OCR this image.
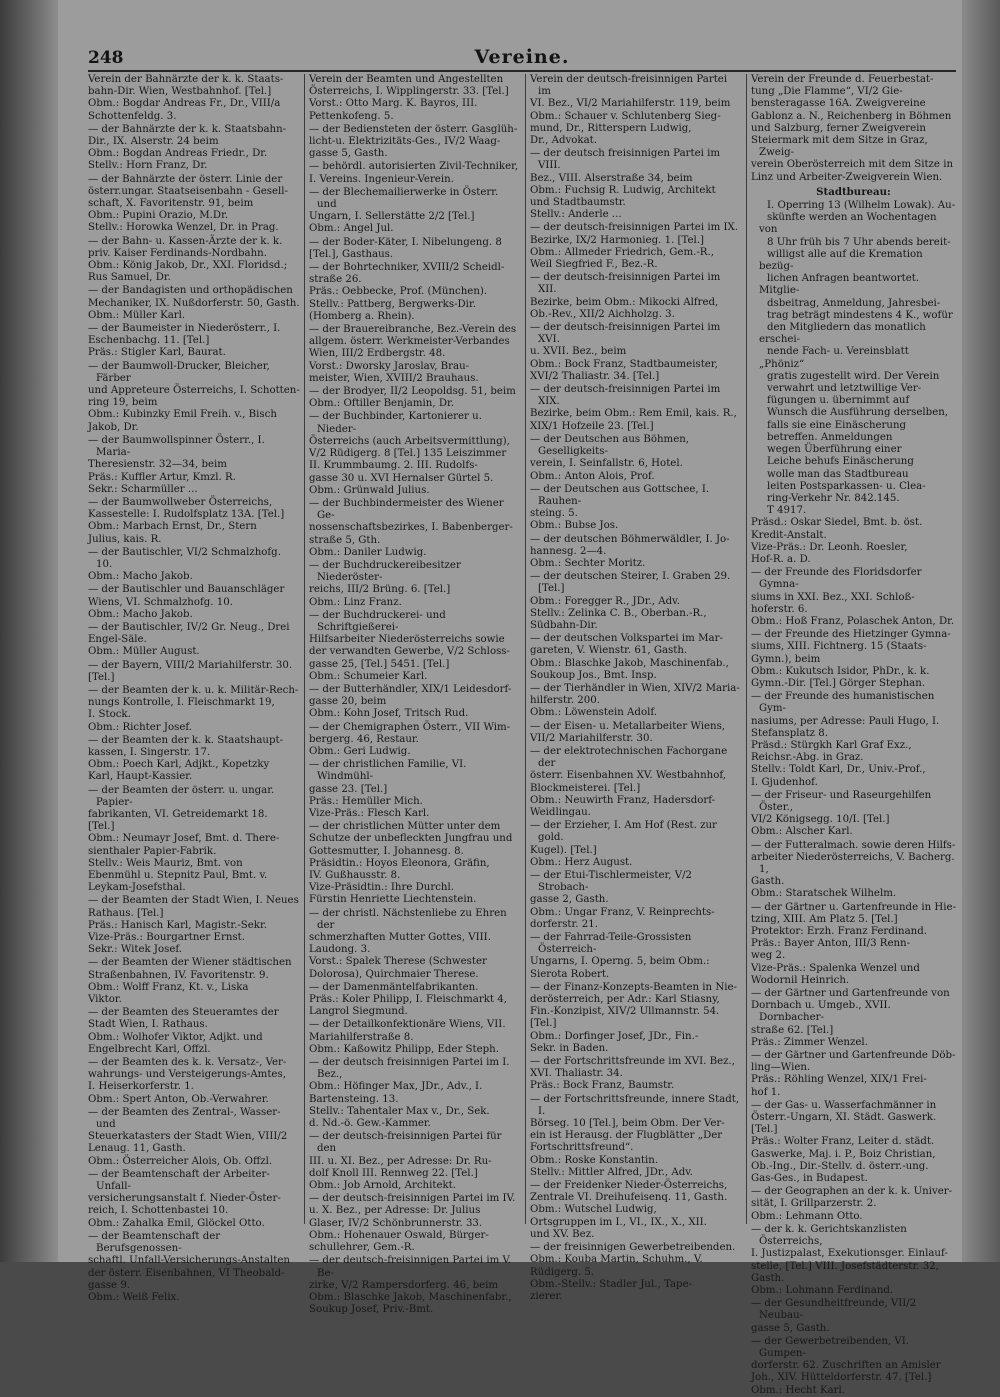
248	Vereine.
Verein der Bahnärzte der k. k. Staats-
bahn-Dir. Wien, Westbahnhof. [Tel.]
Obm.: Bogdar Andreas Fr., Dr., VIII/a
Schottenfeldg. 3.
— der Bahnärzte der k. k. Staatsbahn-
Dir., IX. Alserstr. 24 beim
Obm.: Bogdan Andreas Friedr., Dr.
Stellv.: Horn Franz, Dr.
— der Bahnärzte der österr. Linie der
österr.ungar. Staatseisenbahn - Gesell-
schaft, X. Favoritenstr. 91, beim
Obm.: Pupini Orazio, M.Dr.
Stellv.: Horowka Wenzel, Dr. in Prag.
— der Bahn- u. Kassen-Ärzte der k. k.
priv. Kaiser Ferdinands-Nordbahn.
Obm.: König Jakob, Dr., XXI. Floridsd.;
Rus Samuel, Dr.
— der Bandagisten und orthopädischen
Mechaniker, IX. Nußdorferstr. 50, Gasth.
Obm.: Müller Karl.
— der Baumeister in Niederösterr., I.
Eschenbachg. 11. [Tel.]
Präs.: Stigler Karl, Baurat.
— der Baumwoll-Drucker, Bleicher, Färber
und Appreteure Österreichs, I. Schotten-
ring 19, beim
Obm.: Kubinzky Emil Freih. v., Bisch
Jakob, Dr.
— der Baumwollspinner Österr., I. Maria-
Theresienstr. 32—34, beim
Präs.: Kuffler Artur, Kmzl. R.
Sekr.: Scharmüller ...
— der Baumwollweber Österreichs,
Kassestelle: I. Rudolfsplatz 13A. [Tel.]
Obm.: Marbach Ernst, Dr., Stern
Julius, kais. R.
— der Bautischler, VI/2 Schmalzhofg. 10.
Obm.: Macho Jakob.
— der Bautischler und Bauanschläger
Wiens, VI. Schmalzhofg. 10.
Obm.: Macho Jakob.
— der Bautischler, IV/2 Gr. Neug., Drei
Engel-Säle.
Obm.: Müller August.
— der Bayern, VIII/2 Mariahilferstr. 30.
[Tel.]
— der Beamten der k. u. k. Militär-Rech-
nungs Kontrolle, I. Fleischmarkt 19,
I. Stock.
Obm.: Richter Josef.
— der Beamten der k. k. Staatshaupt-
kassen, I. Singerstr. 17.
Obm.: Poech Karl, Adjkt., Kopetzky
Karl, Haupt-Kassier.
— der Beamten der österr. u. ungar. Papier-
fabrikanten, VI. Getreidemarkt 18.
[Tel.]
Obm.: Neumayr Josef, Bmt. d. There-
sienthaler Papier-Fabrik.
Stellv.: Weis Mauriz, Bmt. von
Ebenmühl u. Stepnitz Paul, Bmt. v.
Leykam-Josefsthal.
— der Beamten der Stadt Wien, I. Neues
Rathaus. [Tel.]
Präs.: Hanisch Karl, Magistr.-Sekr.
Vize-Präs.: Bourgartner Ernst.
Sekr.: Witek Josef.
— der Beamten der Wiener städtischen
Straßenbahnen, IV. Favoritenstr. 9.
Obm.: Wolff Franz, Kt. v., Liska
Viktor.
— der Beamten des Steueramtes der
Stadt Wien, I. Rathaus.
Obm.: Wolhofer Viktor, Adjkt. und
Engelbrecht Karl, Offzl.
— der Beamten des k. k. Versatz-, Ver-
wahrungs- und Versteigerungs-Amtes,
I. Heiserkorferstr. 1.
Obm.: Spert Anton, Ob.-Verwahrer.
— der Beamten des Zentral-, Wasser- und
Steuerkatasters der Stadt Wien, VIII/2
Lenaug. 11, Gasth.
Obm.: Österreicher Alois, Ob. Offzl.
— der Beamtenschaft der Arbeiter-Unfall-
versicherungsanstalt f. Nieder-Öster-
reich, I. Schottenbastei 10.
Obm.: Zahalka Emil, Glöckel Otto.
— der Beamtenschaft der Berufsgenossen-
schaftl. Unfall-Versicherungs-Anstalten
der österr. Eisenbahnen, VI Theobald-
gasse 9.
Obm.: Weiß Felix.
Verein der Beamten und Angestellten
Österreichs, I. Wipplingerstr. 33. [Tel.]
Vorst.: Otto Marg. K. Bayros, III.
Pettenkofeng. 5.
— der Bediensteten der österr. Gasglüh-
licht-u. Elektrizitäts-Ges., IV/2 Waag-
gasse 5, Gasth.
— behördl. autorisierten Zivil-Techniker,
I. Vereins. Ingenieur-Verein.
— der Blechemailierwerke in Österr. und
Ungarn, I. Sellerstätte 2/2 [Tel.]
Obm.: Angel Jul.
— der Boder-Käter, I. Nibelungeng. 8
[Tel.], Gasthaus.
— der Bohrtechniker, XVIII/2 Scheidl-
straße 26.
Präs.: Oebbecke, Prof. (München).
Stellv.: Pattberg, Bergwerks-Dir.
(Homberg a. Rhein).
— der Brauereibranche, Bez.-Verein des
allgem. österr. Werkmeister-Verbandes
Wien, III/2 Erdbergstr. 48.
Vorst.: Dworsky Jaroslav, Brau-
meister, Wien, XVIII/2 Brauhaus.
— der Brodyer, II/2 Leopoldsg. 51, beim
Obm.: Oftiller Benjamin, Dr.
— der Buchbinder, Kartonierer u. Nieder-
Österreichs (auch Arbeitsvermittlung),
V/2 Rüdigerg. 8 [Tel.] 135 Leiszimmer
II. Krummbaumg. 2. III. Rudolfs-
gasse 30 u. XVI Hernalser Gürtel 5.
Obm.: Grünwald Julius.
— der Buchbindermeister des Wiener Ge-
nossenschaftsbezirkes, I. Babenberger-
straße 5, Gth.
Obm.: Daniler Ludwig.
— der Buchdruckereibesitzer Niederöster-
reichs, III/2 Brüng. 6. [Tel.]
Obm.: Linz Franz.
— der Buchdruckerei- und Schriftgießerei-
Hilfsarbeiter Niederösterreichs sowie
der verwandten Gewerbe, V/2 Schloss-
gasse 25, [Tel.] 5451. [Tel.]
Obm.: Schumeier Karl.
— der Butterhändler, XIX/1 Leidesdorf-
gasse 20, beim
Obm.: Kohn Josef, Tritsch Rud.
— der Chemigraphen Österr., VII Wim-
bergerg. 46, Restaur.
Obm.: Geri Ludwig.
— der christlichen Familie, VI. Windmühl-
gasse 23. [Tel.]
Präs.: Hemüller Mich.
Vize-Präs.: Flesch Karl.
— der christlichen Mütter unter dem
Schutze der unbefleckten Jungfrau und
Gottesmutter, I. Johannesg. 8.
Präsidtin.: Hoyos Eleonora, Gräfin,
IV. Gußhausstr. 8.
Vize-Präsidtin.: Ihre Durchl.
Fürstin Henriette Liechtenstein.
— der christl. Nächstenliebe zu Ehren der
schmerzhaften Mutter Gottes, VIII.
Laudong. 3.
Vorst.: Spalek Therese (Schwester
Dolorosa), Quirchmaier Therese.
— der Damenmäntelfabrikanten.
Präs.: Koler Philipp, I. Fleischmarkt 4,
Langrol Siegmund.
— der Detailkonfektionäre Wiens, VII.
Mariahilferstraße 8.
Obm.: Kaßowitz Philipp, Eder Steph.
— der deutsch freisinnigen Partei im I. Bez.,
Obm.: Höfinger Max, JDr., Adv., I.
Bartensteing. 13.
Stellv.: Tahentaler Max v., Dr., Sek.
d. Nd.-ö. Gew.-Kammer.
— der deutsch-freisinnigen Partei für den
III. u. XI. Bez., per Adresse: Dr. Ru-
dolf Knoll III. Rennweg 22. [Tel.]
Obm.: Job Arnold, Architekt.
— der deutsch-freisinnigen Partei im IV.
u. X. Bez., per Adresse: Dr. Julius
Glaser, IV/2 Schönbrunnerstr. 33.
Obm.: Hohenauer Oswald, Bürger-
schullehrer, Gem.-R.
— der deutsch-freisinnigen Partei im V. Be-
zirke, V/2 Rampersdorferg. 46, beim
Obm.: Blaschke Jakob, Maschinenfabr.,
Soukup Josef, Priv.-Bmt.
Verein der deutsch-freisinnigen Partei im
VI. Bez., VI/2 Mariahilferstr. 119, beim
Obm.: Schauer v. Schlutenberg Sieg-
mund, Dr., Ritterspern Ludwig,
Dr., Advokat.
— der deutsch freisinnigen Partei im VIII.
Bez., VIII. Alserstraße 34, beim
Obm.: Fuchsig R. Ludwig, Architekt
und Stadtbaumstr.
Stellv.: Anderle ...
— der deutsch-freisinnigen Partei im IX.
Bezirke, IX/2 Harmonieg. 1. [Tel.]
Obm.: Allmeder Friedrich, Gem.-R.,
Weil Siegfried F., Bez.-R.
— der deutsch-freisinnigen Partei im XII.
Bezirke, beim Obm.: Mikocki Alfred,
Ob.-Rev., XII/2 Aichholzg. 3.
— der deutsch-freisinnigen Partei im XVI.
u. XVII. Bez., beim
Obm.: Bock Franz, Stadtbaumeister,
XVI/2 Thaliastr. 34. [Tel.]
— der deutsch-freisinnigen Partei im XIX.
Bezirke, beim Obm.: Rem Emil, kais. R.,
XIX/1 Hofzeile 23. [Tel.]
— der Deutschen aus Böhmen, Geselligkeits-
verein, I. Seinfallstr. 6, Hotel.
Obm.: Anton Alois, Prof.
— der Deutschen aus Gottschee, I. Rauhen-
steing. 5.
Obm.: Bubse Jos.
— der deutschen Böhmerwäldler, I. Jo-
hannesg. 2—4.
Obm.: Sechter Moritz.
— der deutschen Steirer, I. Graben 29. [Tel.]
Obm.: Foregger R., JDr., Adv.
Stellv.: Zelinka C. B., Oberban.-R.,
Südbahn-Dir.
— der deutschen Volkspartei im Mar-
gareten, V. Wienstr. 61, Gasth.
Obm.: Blaschke Jakob, Maschinenfab.,
Soukoup Jos., Bmt. Insp.
— der Tierhändler in Wien, XIV/2 Maria-
hilferstr. 200.
Obm.: Löwenstein Adolf.
— der Eisen- u. Metallarbeiter Wiens,
VII/2 Mariahilferstr. 30.
— der elektrotechnischen Fachorgane der
österr. Eisenbahnen XV. Westbahnhof,
Blockmeisterei. [Tel.]
Obm.: Neuwirth Franz, Hadersdorf-
Weidlingau.
— der Erzieher, I. Am Hof (Rest. zur gold.
Kugel). [Tel.]
Obm.: Herz August.
— der Etui-Tischlermeister, V/2 Strobach-
gasse 2, Gasth.
Obm.: Ungar Franz, V. Reinprechts-
dorferstr. 21.
— der Fahrrad-Teile-Grossisten Österreich-
Ungarns, I. Operng. 5, beim Obm.:
Sierota Robert.
— der Finanz-Konzepts-Beamten in Nie-
derösterreich, per Adr.: Karl Stiasny,
Fin.-Konzipist, XIV/2 Ullmannstr. 54.
[Tel.]
Obm.: Dorfinger Josef, JDr., Fin.-
Sekr. in Baden.
— der Fortschrittsfreunde im XVI. Bez.,
XVI. Thaliastr. 34.
Präs.: Bock Franz, Baumstr.
— der Fortschrittsfreunde, innere Stadt, I.
Börseg. 10 [Tel.], beim Obm. Der Ver-
ein ist Herausg. der Flugblätter „Der
Fortschrittsfreund“.
Obm.: Roske Konstantin.
Stellv.: Mittler Alfred, JDr., Adv.
— der Freidenker Nieder-Österreichs,
Zentrale VI. Dreihufeisenq. 11, Gasth.
Obm.: Wutschel Ludwig,
Ortsgruppen im I., VI., IX., X., XII.
und XV. Bez.
— der freisinnigen Gewerbetreibenden.
Obm.: Kouba Martin, Schuhm., V.
Rüdigerg. 5.
Obm.-Stellv.: Stadler Jul., Tape-
zierer.
Verein der Freunde d. Feuerbestat-
tung „Die Flamme“, VI/2 Gie-
bensteragasse 16A. Zweigvereine
Gablonz a. N., Reichenberg in Böhmen
und Salzburg, ferner Zweigverein
Steiermark mit dem Sitze in Graz, Zweig-
verein Oberösterreich mit dem Sitze in
Linz und Arbeiter-Zweigverein Wien.
Stadtbureau:
I. Operring 13 (Wilhelm Lowak). Au-
skünfte werden an Wochentagen von
8 Uhr früh bis 7 Uhr abends bereit-
willigst alle auf die Kremation bezüg-
lichen Anfragen beantwortet. Mitglie-
dsbeitrag, Anmeldung, Jahresbei-
trag beträgt mindestens 4 K., wofür
den Mitgliedern das monatlich erschei-
nende Fach- u. Vereinsblatt „Phöniz“
gratis zugestellt wird. Der Verein
verwahrt und letztwillige Ver-
fügungen u. übernimmt auf
Wunsch die Ausführung derselben,
falls sie eine Einäscherung
betreffen. Anmeldungen
wegen Überführung einer
Leiche behufs Einäscherung
wolle man das Stadtbureau
leiten Postsparkassen- u. Clea-
ring-Verkehr Nr. 842.145.
T 4917.
Präsd.: Oskar Siedel, Bmt. b. öst.
Kredit-Anstalt.
Vize-Präs.: Dr. Leonh. Roesler,
Hof-R. a. D.
— der Freunde des Floridsdorfer Gymna-
siums in XXI. Bez., XXI. Schloß-
hoferstr. 6.
Obm.: Hoß Franz, Polaschek Anton, Dr.
— der Freunde des Hietzinger Gymna-
siums, XIII. Fichtnerg. 15 (Staats-
Gymn.), beim
Obm.: Kukutsch Isidor, PhDr., k. k.
Gymn.-Dir. [Tel.] Görger Stephan.
— der Freunde des humanistischen Gym-
nasiums, per Adresse: Pauli Hugo, I.
Stefansplatz 8.
Präsd.: Stürgkh Karl Graf Exz.,
Reichsr.-Abg. in Graz.
Stellv.: Toldt Karl, Dr., Univ.-Prof.,
I. Gjudenhof.
— der Friseur- und Raseurgehilfen Öster.,
VI/2 Königsegg. 10/I. [Tel.]
Obm.: Alscher Karl.
— der Futteralmach. sowie deren Hilfs-
arbeiter Niederösterreichs, V. Bacherg. 1,
Gasth.
Obm.: Staratschek Wilhelm.
— der Gärtner u. Gartenfreunde in Hie-
tzing, XIII. Am Platz 5. [Tel.]
Protektor: Erzh. Franz Ferdinand.
Präs.: Bayer Anton, III/3 Renn-
weg 2.
Vize-Präs.: Spalenka Wenzel und
Wodornil Heinrich.
— der Gärtner und Gartenfreunde von
Dornbach u. Umgeb., XVII. Dornbacher-
straße 62. [Tel.]
Präs.: Zimmer Wenzel.
— der Gärtner und Gartenfreunde Döb-
ling—Wien.
Präs.: Röhling Wenzel, XIX/1 Frei-
hof 1.
— der Gas- u. Wasserfachmänner in
Österr.-Ungarn, XI. Städt. Gaswerk.
[Tel.]
Präs.: Wolter Franz, Leiter d. städt.
Gaswerke, Maj. i. P., Boiz Christian,
Ob.-Ing., Dir.-Stellv. d. österr.-ung.
Gas-Ges., in Budapest.
— der Geographen an der k. k. Univer-
sität, I. Grillparzerstr. 2.
Obm.: Lehmann Otto.
— der k. k. Gerichtskanzlisten Österreichs,
I. Justizpalast, Exekutionsger. Einlauf-
stelle, [Tel.] VIII. Josefstädterstr. 32,
Gasth.
Obm.: Lohmann Ferdinand.
— der Gesundheitfreunde, VII/2 Neubau-
gasse 5, Gasth.
— der Gewerbetreibenden, VI. Gumpen-
dorferstr. 62. Zuschriften an Amisler
Joh., XIV. Hütteldorferstr. 47. [Tel.]
Obm.: Hecht Karl.
